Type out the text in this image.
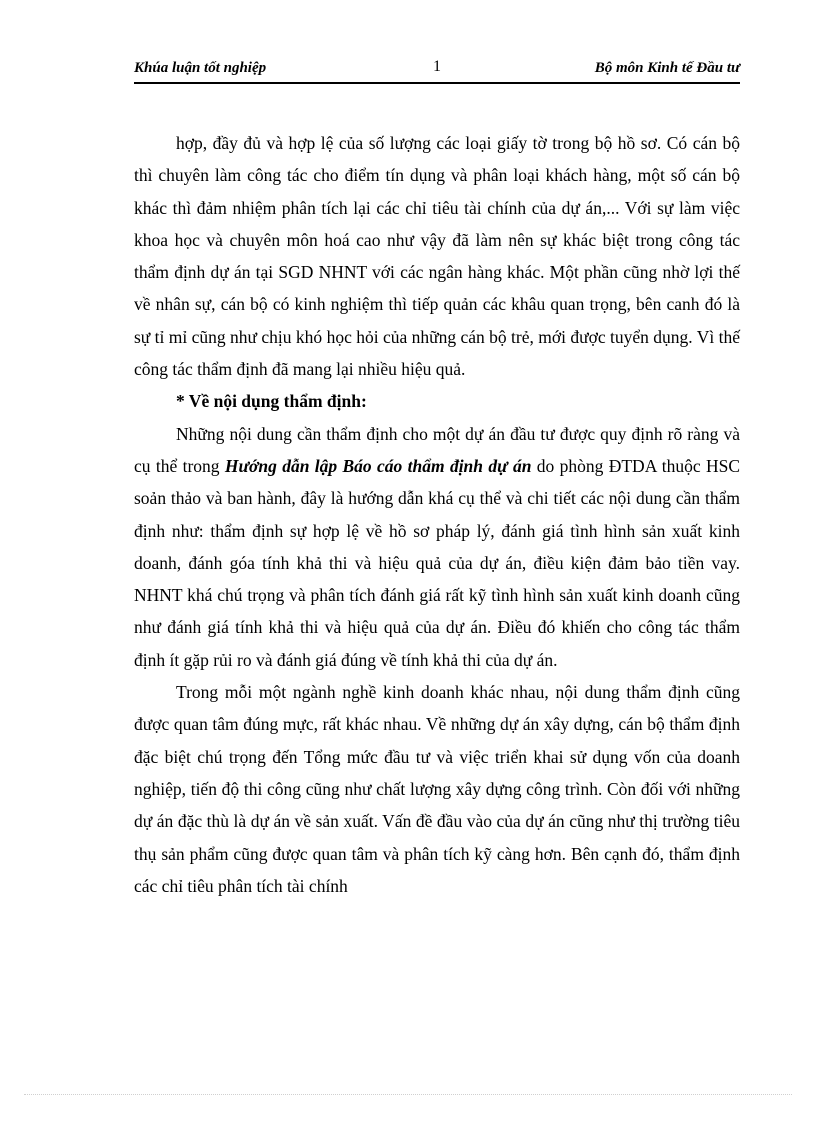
Khúa luận tốt nghiệp	1	Bộ môn Kinh tế Đầu tư

hợp, đầy đủ và hợp lệ của số lượng các loại giấy tờ trong bộ hồ sơ. Có cán bộ thì chuyên làm công tác cho điểm tín dụng và phân loại khách hàng, một số cán bộ khác thì đảm nhiệm phân tích lại các chỉ tiêu tài chính của dự án,... Với sự làm việc khoa học và chuyên môn hoá cao như vậy đã làm nên sự khác biệt trong công tác thẩm định dự án tại SGD NHNT với các ngân hàng khác. Một phần cũng nhờ lợi thế về nhân sự, cán bộ có kinh nghiệm thì tiếp quản các khâu quan trọng, bên canh đó là sự tỉ mỉ cũng như chịu khó học hỏi của những cán bộ trẻ, mới được tuyển dụng. Vì thế công tác thẩm định đã mang lại nhiều hiệu quả.

* Về nội dụng thẩm định:

Những nội dung cần thẩm định cho một dự án đầu tư được quy định rõ ràng và cụ thể trong Hướng dẫn lập Báo cáo thẩm định dự án do phòng ĐTDA thuộc HSC soản thảo và ban hành, đây là hướng dẫn khá cụ thể và chi tiết các nội dung cần thẩm định như: thẩm định sự hợp lệ về hồ sơ pháp lý, đánh giá tình hình sản xuất kinh doanh, đánh góa tính khả thi và hiệu quả của dự án, điều kiện đảm bảo tiền vay. NHNT khá chú trọng và phân tích đánh giá rất kỹ tình hình sản xuất kinh doanh cũng như đánh giá tính khả thi và hiệu quả của dự án. Điều đó khiến cho công tác thẩm định ít gặp rủi ro và đánh giá đúng về tính khả thi của dự án.

Trong mỗi một ngành nghề kinh doanh khác nhau, nội dung thẩm định cũng được quan tâm đúng mực, rất khác nhau. Về những dự án xây dựng, cán bộ thẩm định đặc biệt chú trọng đến Tổng mức đầu tư và việc triển khai sử dụng vốn của doanh nghiệp, tiến độ thi công cũng như chất lượng xây dựng công trình. Còn đối với những dự án đặc thù là dự án về sản xuất. Vấn đề đầu vào của dự án cũng như thị trường tiêu thụ sản phẩm cũng được quan tâm và phân tích kỹ càng hơn. Bên cạnh đó, thẩm định các chỉ tiêu phân tích tài chính
